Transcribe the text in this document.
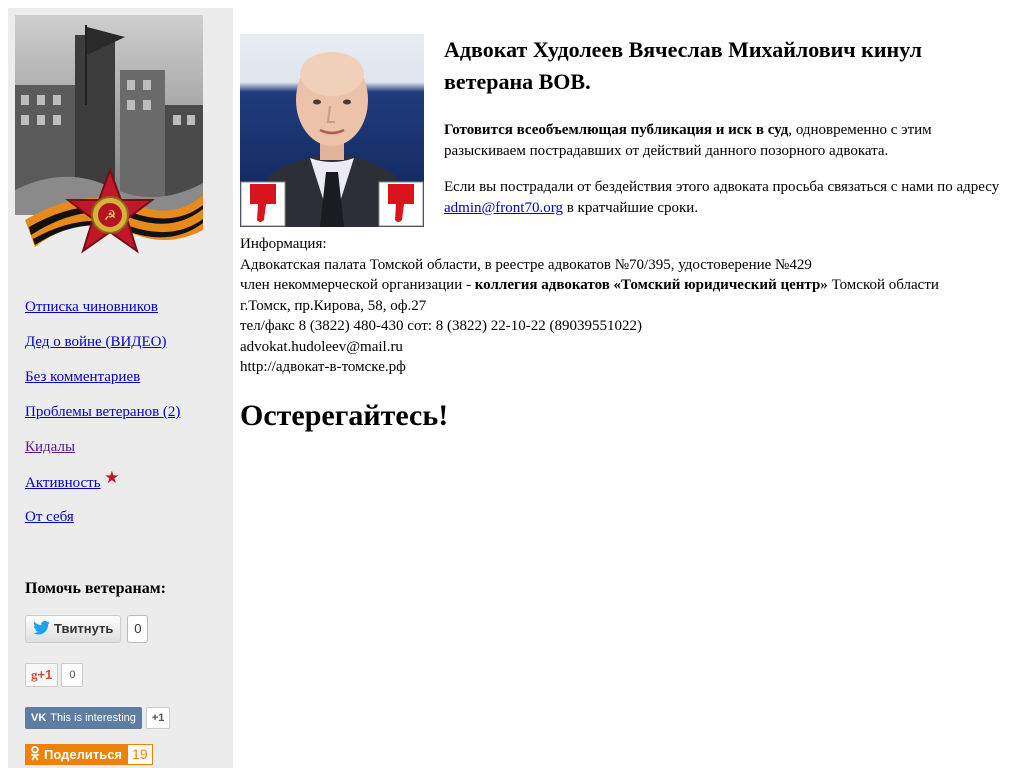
☭
Отписка чиновников
Дед о войне (ВИДЕО)
Без комментариев
Проблемы ветеранов (2)
Кидалы
Активность ★
От себя
Помочь ветеранам:
Твитнуть 0
g+1 0
VK This is interesting +1
Поделиться 19
Адвокат Худолеев Вячеслав Михайлович кинул ветерана ВОВ.

Готовится всеобъемлющая публикация и иск в суд, одновременно с этим разыскиваем пострадавших от действий данного позорного адвоката.

Если вы пострадали от бездействия этого адвоката просьба связаться с нами по адресу admin@front70.org в кратчайшие сроки.

Информация:
Адвокатская палата Томской области, в реестре адвокатов №70/395, удостоверение №429
член некоммерческой организации - коллегия адвокатов «Томский юридический центр» Томской области
г.Томск, пр.Кирова, 58, оф.27
тел/факс 8 (3822) 480-430 сот: 8 (3822) 22-10-22 (89039551022)
advokat.hudoleev@mail.ru
http://адвокат-в-томске.рф
Остерегайтесь!
